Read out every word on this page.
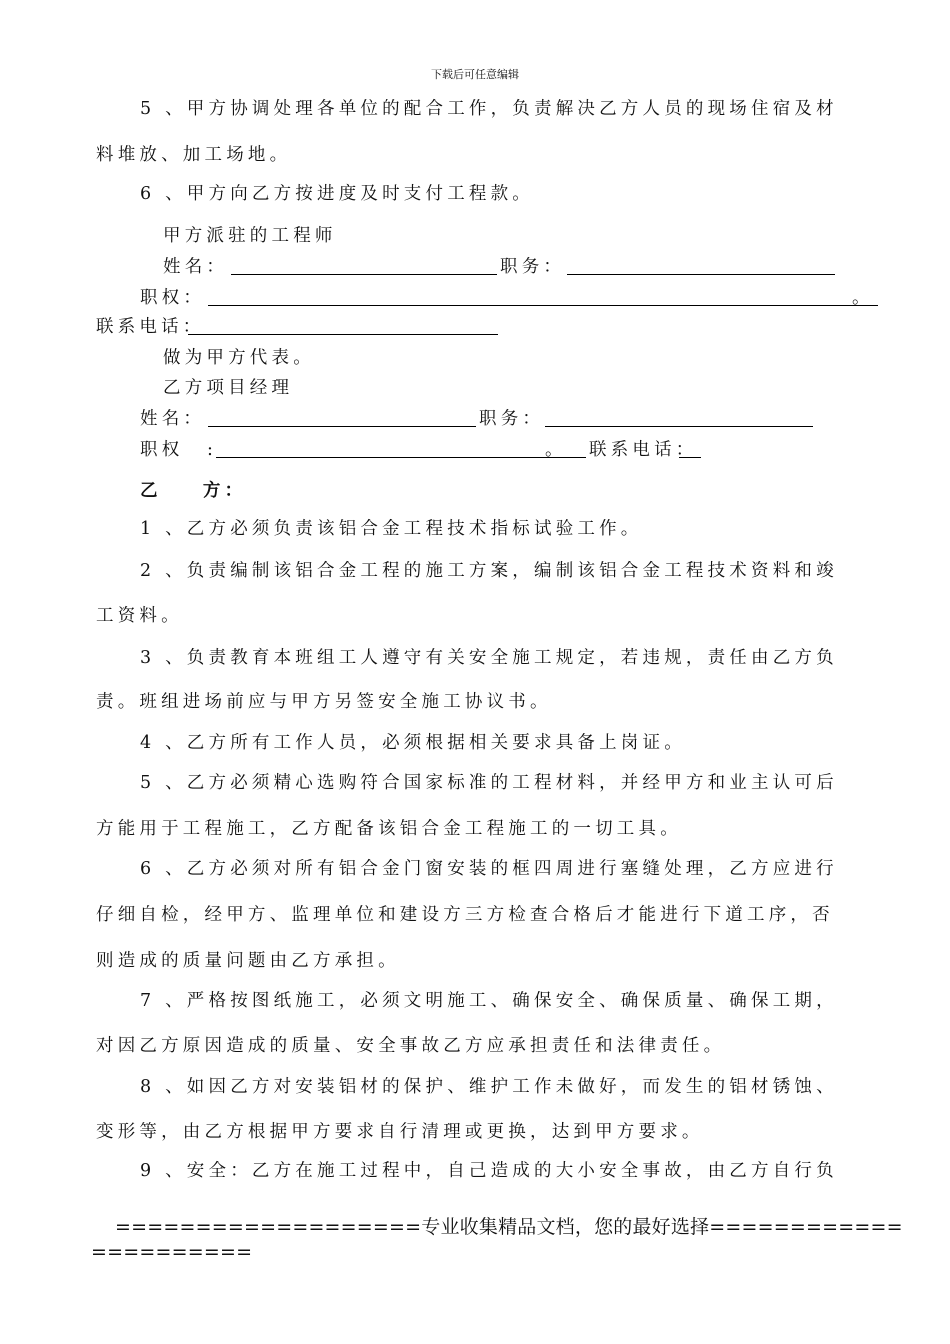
下载后可任意编辑
5 、甲方协调处理各单位的配合工作，负责解决乙方人员的现场住宿及材
料堆放、加工场地。
6 、甲方向乙方按进度及时支付工程款。
甲方派驻的工程师
姓名：	职务：
职权：	。
联系电话：
做为甲方代表。
乙方项目经理
姓名：	职务：
职权 :	。 联系电话：
乙    方：
1 、乙方必须负责该铝合金工程技术指标试验工作。
2 、负责编制该铝合金工程的施工方案，编制该铝合金工程技术资料和竣
工资料。
3 、负责教育本班组工人遵守有关安全施工规定，若违规，责任由乙方负
责。班组进场前应与甲方另签安全施工协议书。
4 、乙方所有工作人员，必须根据相关要求具备上岗证。
5 、乙方必须精心选购符合国家标准的工程材料，并经甲方和业主认可后
方能用于工程施工，乙方配备该铝合金工程施工的一切工具。
6 、乙方必须对所有铝合金门窗安装的框四周进行塞缝处理，乙方应进行
仔细自检，经甲方、监理单位和建设方三方检查合格后才能进行下道工序，否
则造成的质量问题由乙方承担。
7 、严格按图纸施工，必须文明施工、确保安全、确保质量、确保工期，
对因乙方原因造成的质量、安全事故乙方应承担责任和法律责任。
8 、如因乙方对安装铝材的保护、维护工作未做好，而发生的铝材锈蚀、
变形等，由乙方根据甲方要求自行清理或更换，达到甲方要求。
9 、安全：乙方在施工过程中，自己造成的大小安全事故，由乙方自行负
===================专业收集精品文档，您的最好选择============
==========
